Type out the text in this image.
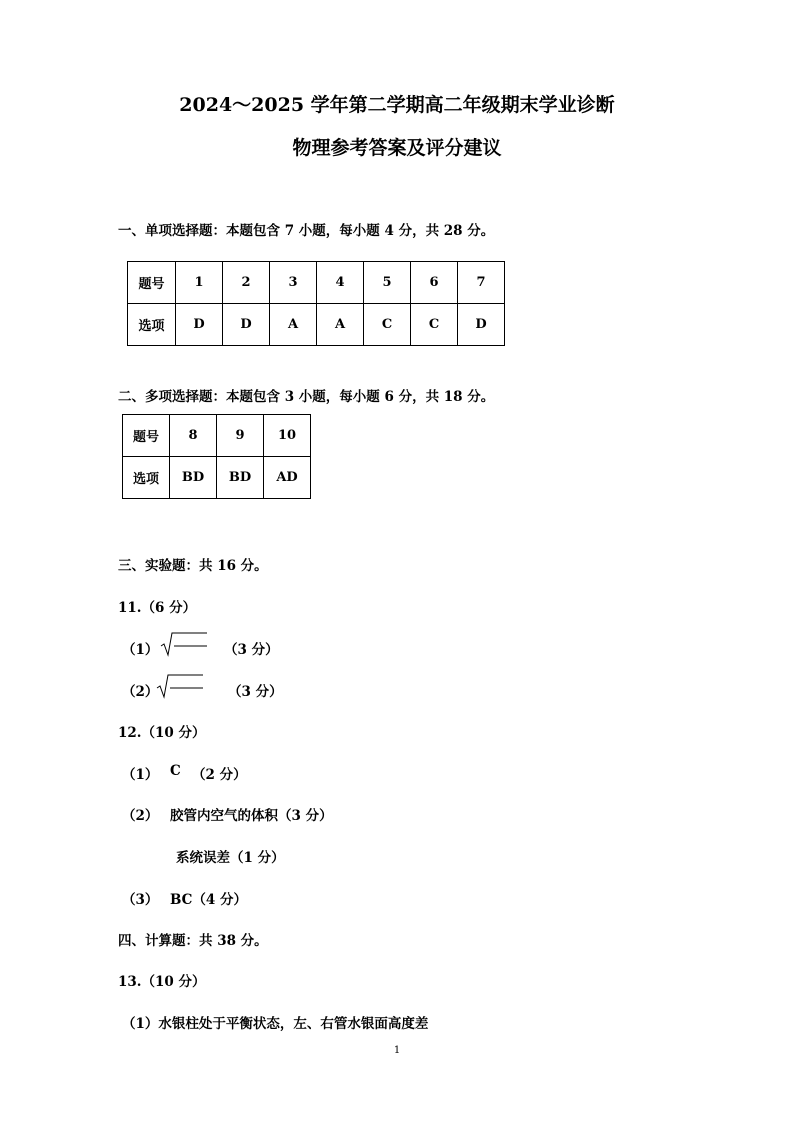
2024～2025 学年第二学期高二年级期末学业诊断
物理参考答案及评分建议
一、单项选择题：本题包含 7 小题，每小题 4 分，共 28 分。
题号	1	2	3	4	5	6	7
选项	D	D	A	A	C	C	D
二、多项选择题：本题包含 3 小题，每小题 6 分，共 18 分。
题号	8	9	10
选项	BD	BD	AD
三、实验题：共 16 分。
11.（6 分）
（1）	（3 分）
（2）	（3 分）
12.（10 分）
（1） C （2 分）
（2） 胶管内空气的体积（3 分）
系统误差（1 分）
（3） BC（4 分）
四、计算题：共 38 分。
13.（10 分）
（1）水银柱处于平衡状态，左、右管水银面高度差
1
